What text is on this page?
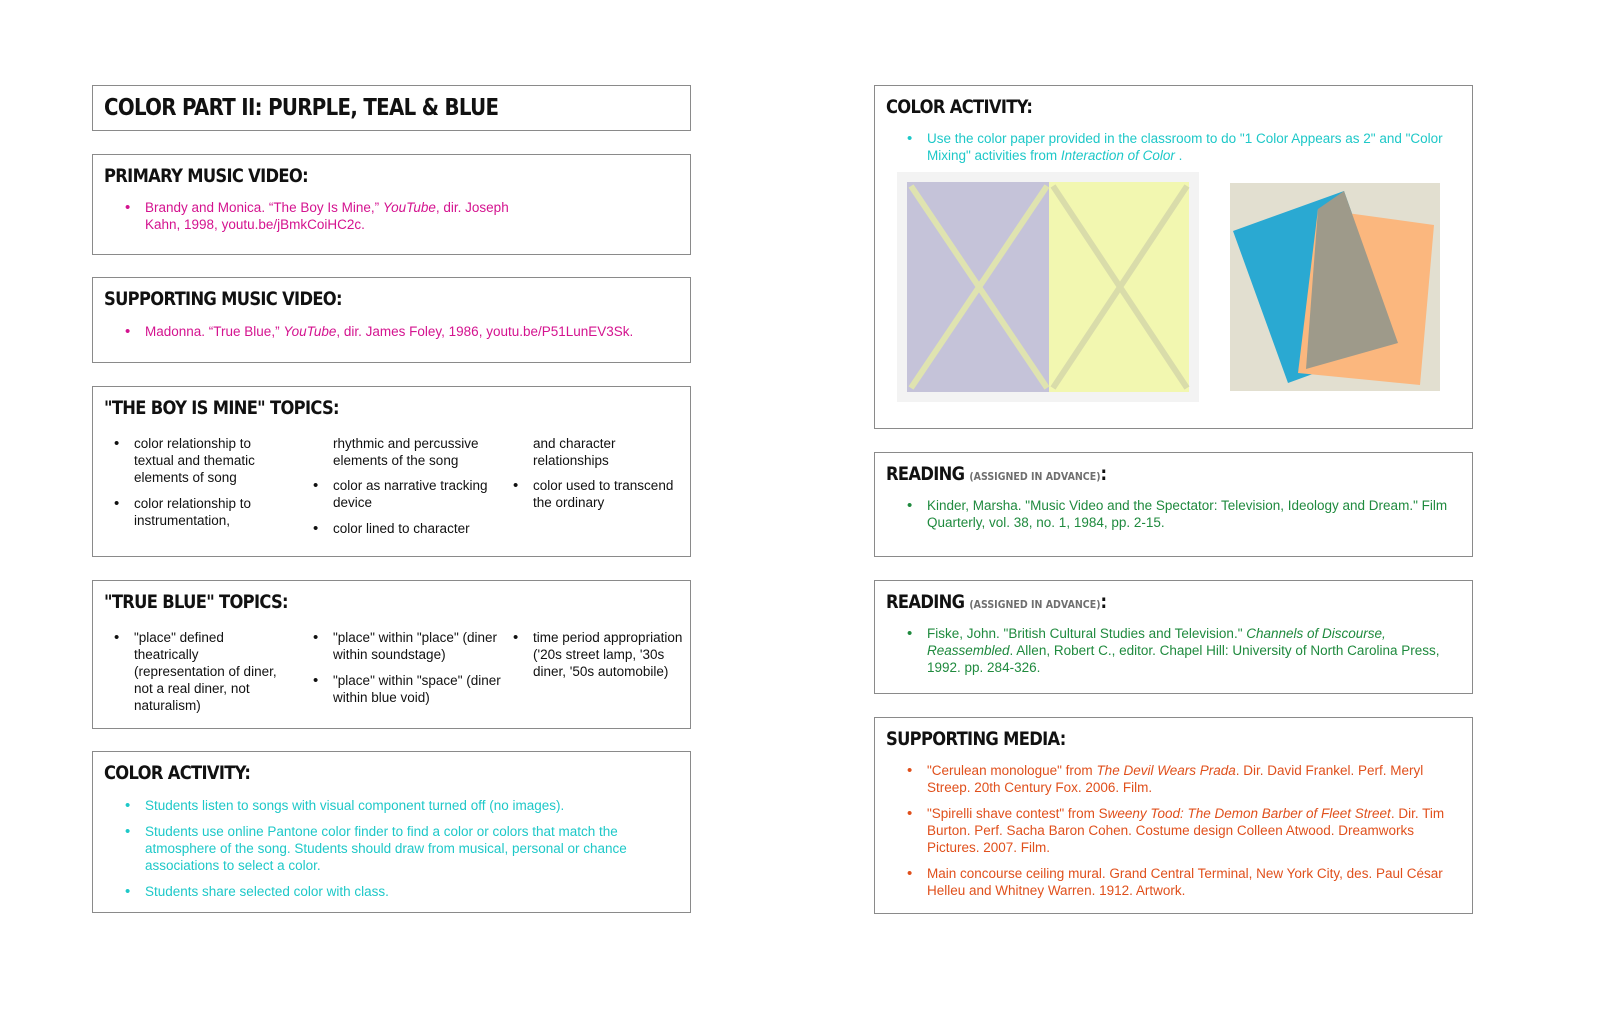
COLOR PART II: PURPLE, TEAL & BLUE
PRIMARY MUSIC VIDEO:
• Brandy and Monica. “The Boy Is Mine,” YouTube, dir. Joseph Kahn, 1998, youtu.be/jBmkCoiHC2c.
SUPPORTING MUSIC VIDEO:
• Madonna. “True Blue,” YouTube, dir. James Foley, 1986, youtu.be/P51LunEV3Sk.
"THE BOY IS MINE" TOPICS:
• color relationship to textual and thematic elements of song
• color relationship to instrumentation,
rhythmic and percussive elements of the song
• color as narrative tracking device
• color lined to character
and character relationships
• color used to transcend the ordinary
"TRUE BLUE" TOPICS:
• "place" defined theatrically (representation of diner, not a real diner, not naturalism)
• "place" within "place" (diner within soundstage)
• "place" within "space" (diner within blue void)
• time period appropriation ('20s street lamp, '30s diner, '50s automobile)
COLOR ACTIVITY:
• Students listen to songs with visual component turned off (no images).
• Students use online Pantone color finder to find a color or colors that match the atmosphere of the song. Students should draw from musical, personal or chance associations to select a color.
• Students share selected color with class.
COLOR ACTIVITY:
• Use the color paper provided in the classroom to do "1 Color Appears as 2" and "Color Mixing" activities from Interaction of Color .
READING (ASSIGNED IN ADVANCE):
• Kinder, Marsha. "Music Video and the Spectator: Television, Ideology and Dream." Film Quarterly, vol. 38, no. 1, 1984, pp. 2-15.
READING (ASSIGNED IN ADVANCE):
• Fiske, John. "British Cultural Studies and Television." Channels of Discourse, Reassembled. Allen, Robert C., editor. Chapel Hill: University of North Carolina Press, 1992. pp. 284-326.
SUPPORTING MEDIA:
• "Cerulean monologue" from The Devil Wears Prada. Dir. David Frankel. Perf. Meryl Streep. 20th Century Fox. 2006. Film.
• "Spirelli shave contest" from Sweeny Tood: The Demon Barber of Fleet Street. Dir. Tim Burton. Perf. Sacha Baron Cohen. Costume design Colleen Atwood. Dreamworks Pictures. 2007. Film.
• Main concourse ceiling mural. Grand Central Terminal, New York City, des. Paul César Helleu and Whitney Warren. 1912. Artwork.
